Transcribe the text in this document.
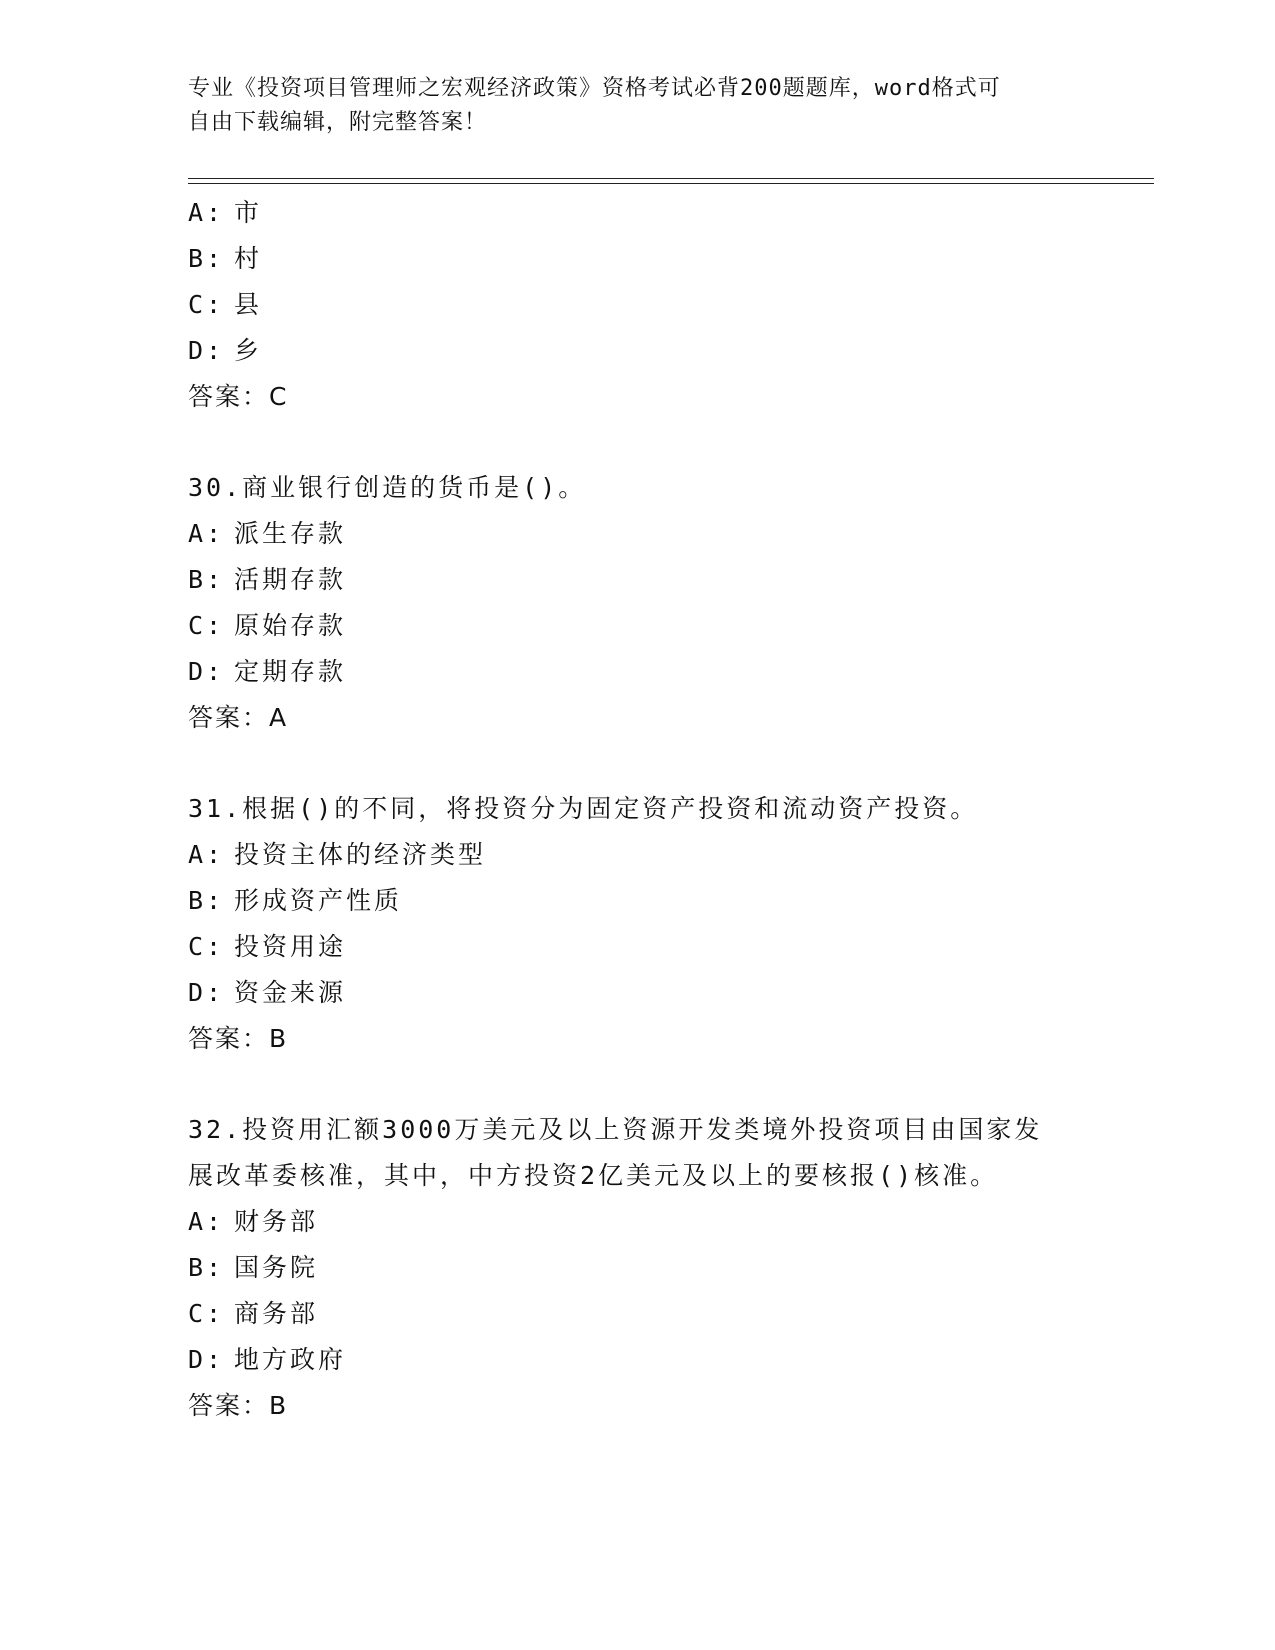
专业《投资项目管理师之宏观经济政策》资格考试必背200题题库，word格式可
自由下载编辑，附完整答案！
A: 市
B: 村
C: 县
D: 乡
答案：C
30.商业银行创造的货币是()。
A: 派生存款
B: 活期存款
C: 原始存款
D: 定期存款
答案：A
31.根据()的不同，将投资分为固定资产投资和流动资产投资。
A: 投资主体的经济类型
B: 形成资产性质
C: 投资用途
D: 资金来源
答案：B
32.投资用汇额3000万美元及以上资源开发类境外投资项目由国家发
展改革委核准，其中，中方投资2亿美元及以上的要核报()核准。
A: 财务部
B: 国务院
C: 商务部
D: 地方政府
答案：B
